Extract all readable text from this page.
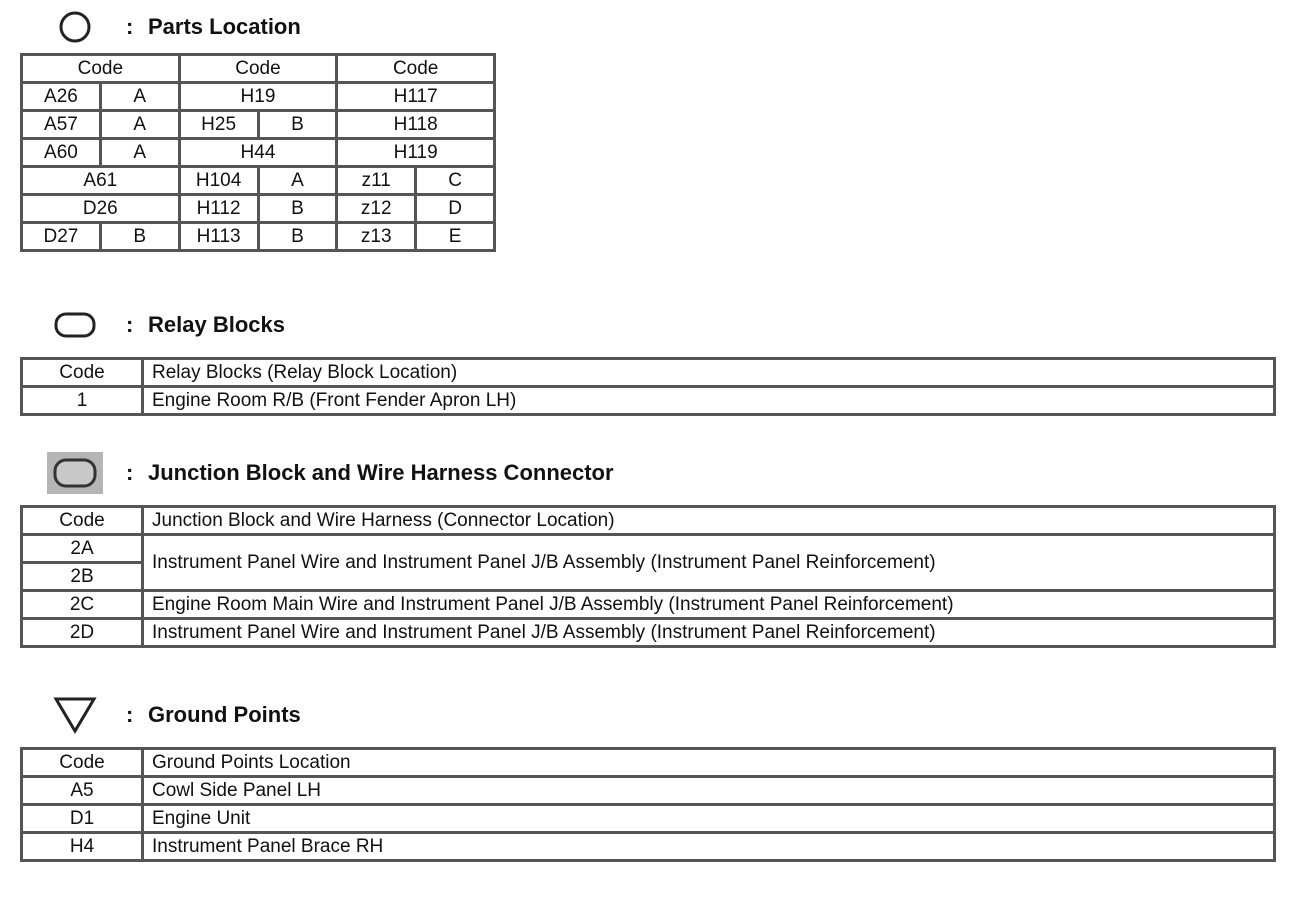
: Parts Location
Code		Code		Code	
A26	A	H19		H117	
A57	A	H25	B	H118	
A60	A	H44		H119	
A61		H104	A	z11	C
D26		H112	B	z12	D
D27	B	H113	B	z13	E
: Relay Blocks
Code	Relay Blocks (Relay Block Location)
1	Engine Room R/B (Front Fender Apron LH)
: Junction Block and Wire Harness Connector
Code	Junction Block and Wire Harness (Connector Location)
2A	Instrument Panel Wire and Instrument Panel J/B Assembly (Instrument Panel Reinforcement)
2B	
2C	Engine Room Main Wire and Instrument Panel J/B Assembly (Instrument Panel Reinforcement)
2D	Instrument Panel Wire and Instrument Panel J/B Assembly (Instrument Panel Reinforcement)
: Ground Points
Code	Ground Points Location
A5	Cowl Side Panel LH
D1	Engine Unit
H4	Instrument Panel Brace RH
